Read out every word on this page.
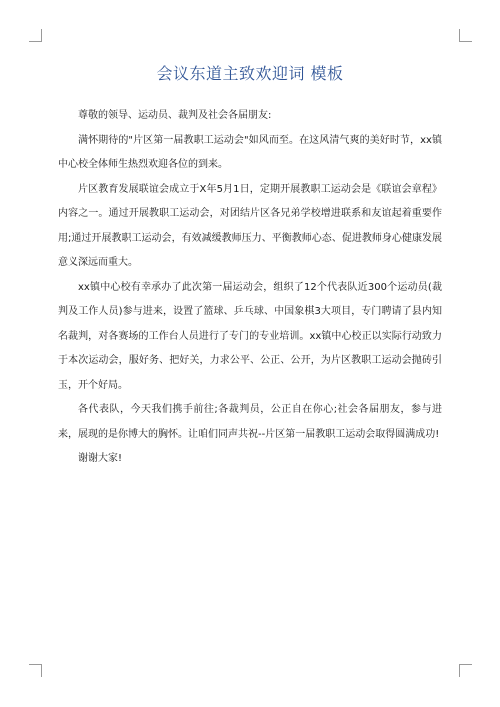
会议东道主致欢迎词 模板

尊敬的领导、运动员、裁判及社会各届朋友:

满怀期待的"片区第一届教职工运动会"如风而至。在这风清气爽的美好时节，xx镇中心校全体师生热烈欢迎各位的到来。

片区教育发展联谊会成立于X年5月1日，定期开展教职工运动会是《联谊会章程》内容之一。通过开展教职工运动会，对团结片区各兄弟学校增进联系和友谊起着重要作用;通过开展教职工运动会，有效减缓教师压力、平衡教师心态、促进教师身心健康发展意义深远而重大。

xx镇中心校有幸承办了此次第一届运动会，组织了12个代表队近300个运动员(裁判及工作人员)参与进来，设置了篮球、乒乓球、中国象棋3大项目，专门聘请了县内知名裁判，对各赛场的工作台人员进行了专门的专业培训。xx镇中心校正以实际行动致力于本次运动会，服好务、把好关，力求公平、公正、公开，为片区教职工运动会抛砖引玉，开个好局。

各代表队，今天我们携手前往;各裁判员，公正自在你心;社会各届朋友，参与进来，展现的是你博大的胸怀。让咱们同声共祝--片区第一届教职工运动会取得圆满成功!

谢谢大家!
